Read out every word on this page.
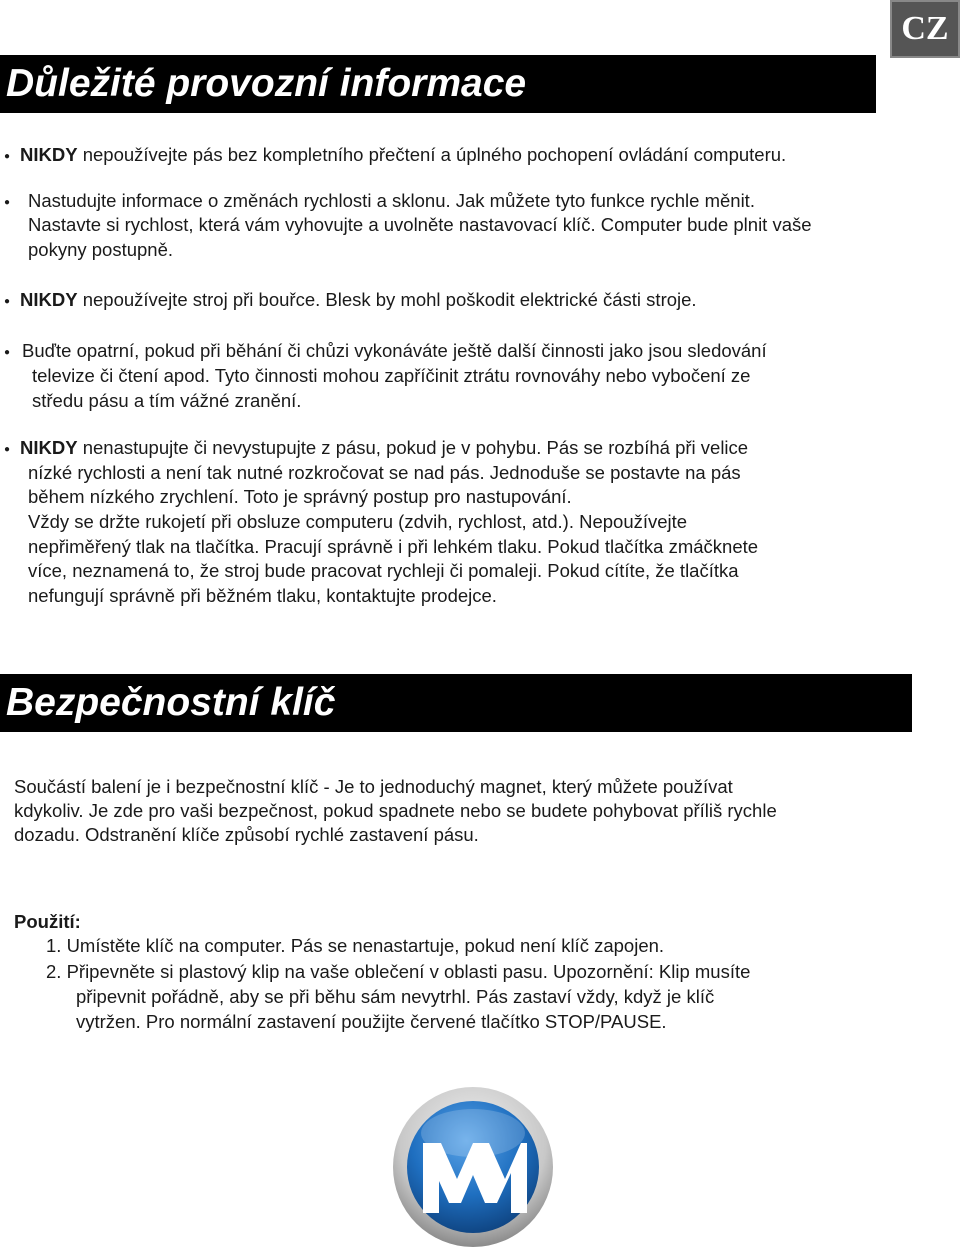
CZ
Důležité provozní informace
● NIKDY nepoužívejte pás bez kompletního přečtení a úplného pochopení ovládání computeru.
● Nastudujte informace o změnách rychlosti a sklonu. Jak můžete tyto funkce rychle měnit.
Nastavte si rychlost, která vám vyhovujte a uvolněte nastavovací klíč. Computer bude plnit vaše
pokyny postupně.
● NIKDY nepoužívejte stroj při bouřce. Blesk by mohl poškodit elektrické části stroje.
● Buďte opatrní, pokud při běhání či chůzi vykonáváte ještě další činnosti jako jsou sledování
televize či čtení apod. Tyto činnosti mohou zapříčinit ztrátu rovnováhy nebo vybočení ze
středu pásu a tím vážné zranění.
● NIKDY nenastupujte či nevystupujte z pásu, pokud je v pohybu. Pás se rozbíhá při velice
nízké rychlosti a není tak nutné rozkročovat se nad pás. Jednoduše se postavte na pás
během nízkého zrychlení. Toto je správný postup pro nastupování.
Vždy se držte rukojetí při obsluze computeru (zdvih, rychlost, atd.). Nepoužívejte
nepřiměřený tlak na tlačítka. Pracují správně i při lehkém tlaku. Pokud tlačítka zmáčknete
více, neznamená to, že stroj bude pracovat rychleji či pomaleji. Pokud cítíte, že tlačítka
nefungují správně při běžném tlaku, kontaktujte prodejce.
Bezpečnostní klíč
Součástí balení je i bezpečnostní klíč - Je to jednoduchý magnet, který můžete používat
kdykoliv. Je zde pro vaši bezpečnost, pokud spadnete nebo se budete pohybovat příliš rychle
dozadu. Odstranění klíče způsobí rychlé zastavení pásu.
Použití:
1. Umístěte klíč na computer. Pás se nenastartuje, pokud není klíč zapojen.
2. Připevněte si plastový klip na vaše oblečení v oblasti pasu. Upozornění: Klip musíte
připevnit pořádně, aby se při běhu sám nevytrhl. Pás zastaví vždy, když je klíč
vytržen. Pro normální zastavení použijte červené tlačítko STOP/PAUSE.
